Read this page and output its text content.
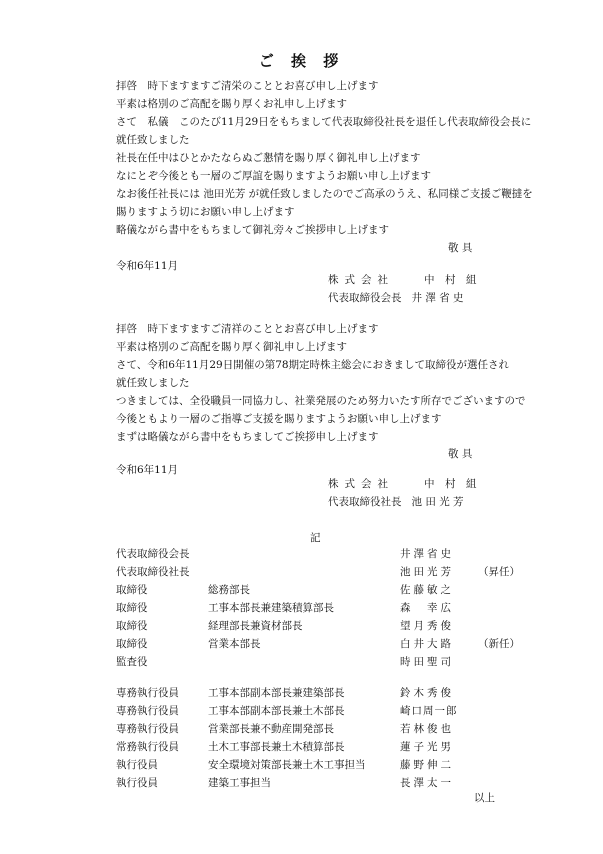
ご 挨 拶
拝啓　時下ますますご清栄のこととお喜び申し上げます
平素は格別のご高配を賜り厚くお礼申し上げます
さて　私儀　このたび11月29日をもちまして代表取締役社長を退任し代表取締役会長に
就任致しました
社長在任中はひとかたならぬご懇情を賜り厚く御礼申し上げます
なにとぞ今後とも一層のご厚誼を賜りますようお願い申し上げます
なお後任社長には 池田光芳 が就任致しましたのでご高承のうえ、私同様ご支援ご鞭撻を
賜りますよう切にお願い申し上げます
略儀ながら書中をもちまして御礼旁々ご挨拶申し上げます
敬 具
令和6年11月
株式会社	中　村　組
代表取締役会長 井 澤 省 史
拝啓　時下ますますご清祥のこととお喜び申し上げます
平素は格別のご高配を賜り厚く御礼申し上げます
さて、令和6年11月29日開催の第78期定時株主総会におきまして取締役が選任され
就任致しました
つきましては、全役職員一同協力し、社業発展のため努力いたす所存でございますので
今後ともより一層のご指導ご支援を賜りますようお願い申し上げます
まずは略儀ながら書中をもちましてご挨拶申し上げます
敬 具
令和6年11月
株式会社	中　村　組
代表取締役社長 池 田 光 芳
記
代表取締役会長	井澤省史
代表取締役社長	池田光芳 （昇任）
取締役	総務部長	佐藤敏之
取締役	工事本部長兼建築積算部長	森　幸広
取締役	経理部長兼資材部長	望月秀俊
取締役	営業本部長	白井大路 （新任）
監査役	時田聖司
専務執行役員	工事本部副本部長兼建築部長	鈴木秀俊
専務執行役員	工事本部副本部長兼土木部長	崎口周一郎
専務執行役員	営業部長兼不動産開発部長	若林俊也
常務執行役員	土木工事部長兼土木積算部長	蓮子光男
執行役員	安全環境対策部長兼土木工事担当	藤野伸二
執行役員	建築工事担当	長澤太一
以上
